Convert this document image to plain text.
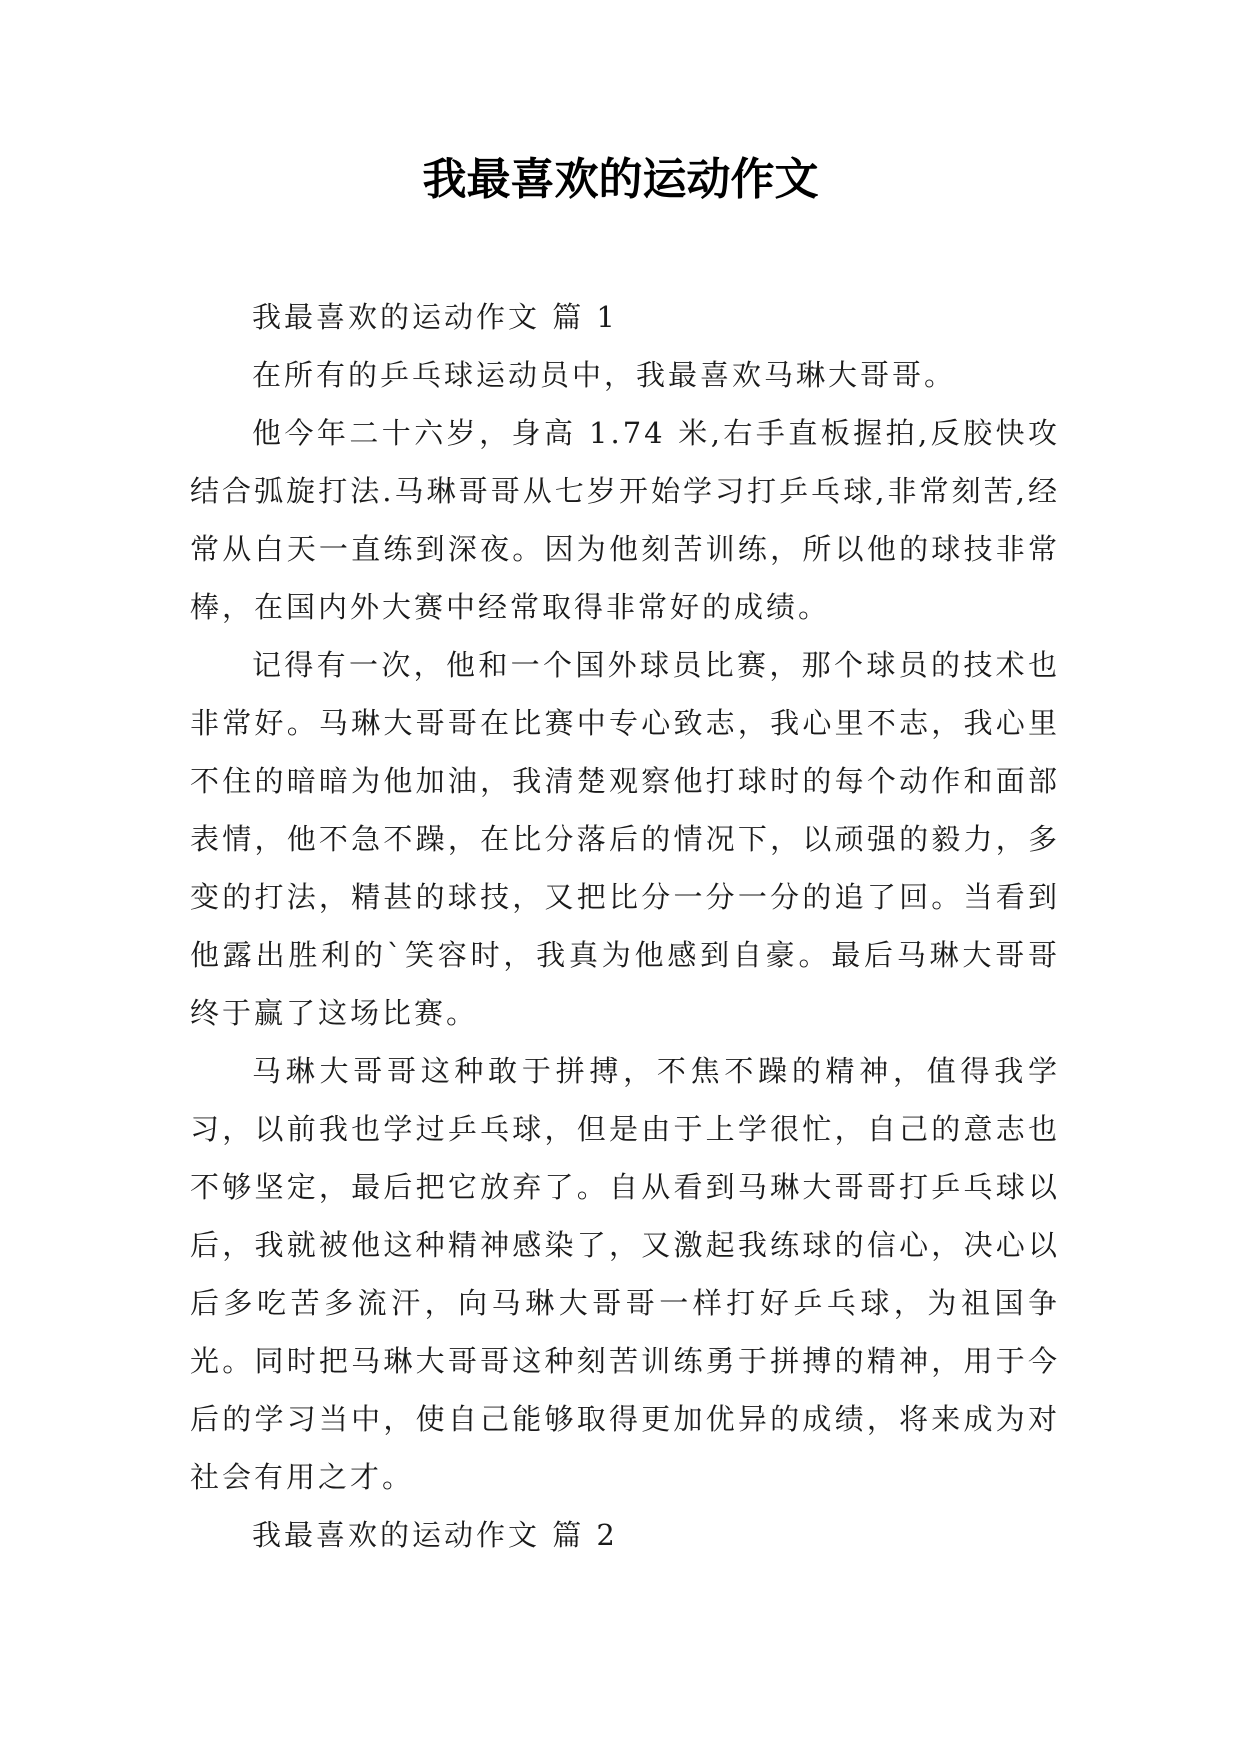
我最喜欢的运动作文

我最喜欢的运动作文 篇 1

在所有的乒乓球运动员中，我最喜欢马琳大哥哥。

他今年二十六岁，身高 1.74 米,右手直板握拍,反胶快攻结合弧旋打法.马琳哥哥从七岁开始学习打乒乓球,非常刻苦,经常从白天一直练到深夜。因为他刻苦训练，所以他的球技非常棒，在国内外大赛中经常取得非常好的成绩。

记得有一次，他和一个国外球员比赛，那个球员的技术也非常好。马琳大哥哥在比赛中专心致志，我心里不志，我心里不住的暗暗为他加油，我清楚观察他打球时的每个动作和面部表情，他不急不躁，在比分落后的情况下，以顽强的毅力，多变的打法，精甚的球技，又把比分一分一分的追了回。当看到他露出胜利的`笑容时，我真为他感到自豪。最后马琳大哥哥终于赢了这场比赛。

马琳大哥哥这种敢于拼搏，不焦不躁的精神，值得我学习，以前我也学过乒乓球，但是由于上学很忙，自己的意志也不够坚定，最后把它放弃了。自从看到马琳大哥哥打乒乓球以后，我就被他这种精神感染了，又激起我练球的信心，决心以后多吃苦多流汗，向马琳大哥哥一样打好乒乓球，为祖国争光。同时把马琳大哥哥这种刻苦训练勇于拼搏的精神，用于今后的学习当中，使自己能够取得更加优异的成绩，将来成为对社会有用之才。

我最喜欢的运动作文 篇 2
